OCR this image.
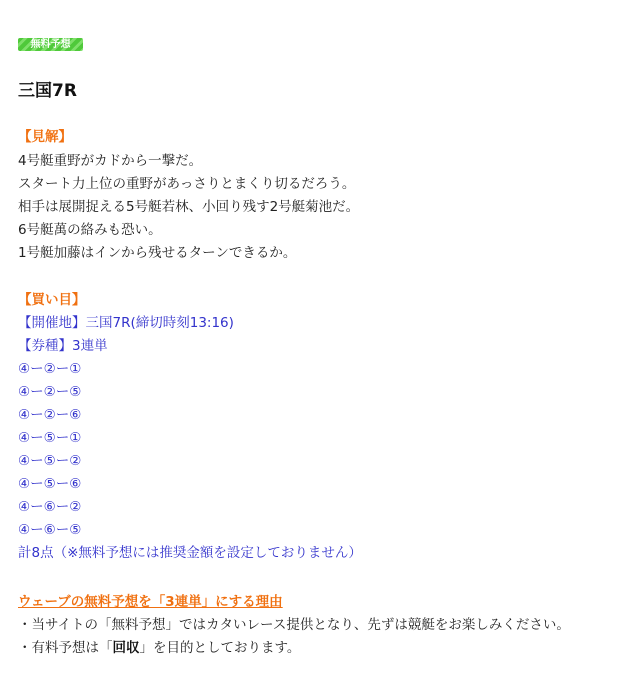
無料予想
三国7R
【見解】
4号艇重野がカドから一撃だ。
スタート力上位の重野があっさりとまくり切るだろう。
相手は展開捉える5号艇若林、小回り残す2号艇菊池だ。
6号艇萬の絡みも恐い。
1号艇加藤はインから残せるターンできるか。
【買い目】
【開催地】三国7R(締切時刻13:16)
【券種】3連単
④ー②ー①
④ー②ー⑤
④ー②ー⑥
④ー⑤ー①
④ー⑤ー②
④ー⑤ー⑥
④ー⑥ー②
④ー⑥ー⑤
計8点（※無料予想には推奨金額を設定しておりません）
ウェーブの無料予想を「3連単」にする理由
・当サイトの「無料予想」ではカタいレース提供となり、先ずは競艇をお楽しみください。
・有料予想は「回収」を目的としております。
